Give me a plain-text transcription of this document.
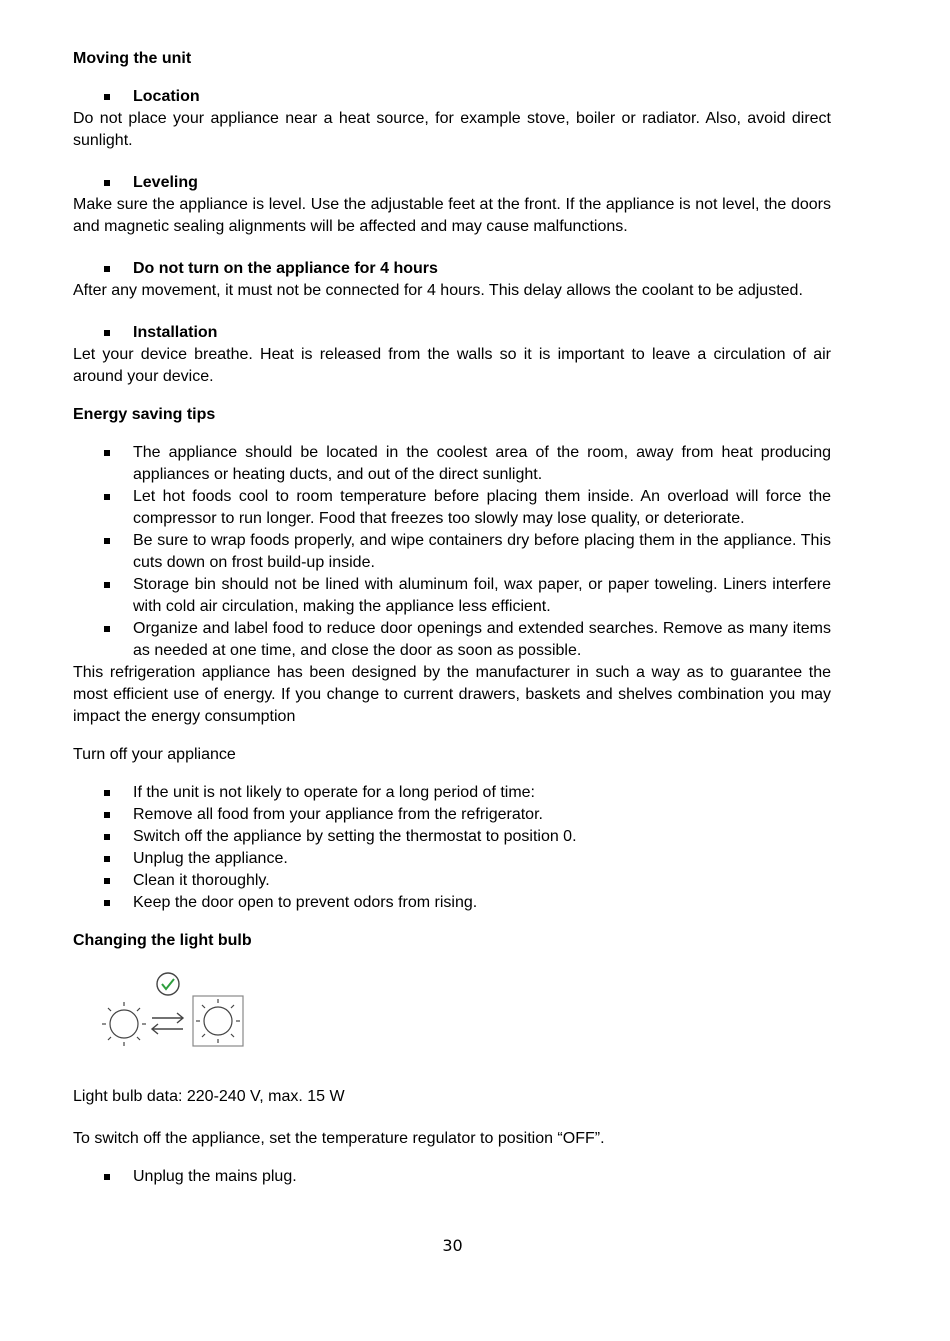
Moving the unit
Location

Do not place your appliance near a heat source, for example stove, boiler or radiator. Also, avoid direct sunlight.

Leveling

Make sure the appliance is level. Use the adjustable feet at the front. If the appliance is not level, the doors and magnetic sealing alignments will be affected and may cause malfunctions.

Do not turn on the appliance for 4 hours

After any movement, it must not be connected for 4 hours. This delay allows the coolant to be adjusted.

Installation

Let your device breathe. Heat is released from the walls so it is important to leave a circulation of air around your device.

Energy saving tips
The appliance should be located in the coolest area of the room, away from heat producing appliances or heating ducts, and out of the direct sunlight.
Let hot foods cool to room temperature before placing them inside. An overload will force the compressor to run longer. Food that freezes too slowly may lose quality, or deteriorate.
Be sure to wrap foods properly, and wipe containers dry before placing them in the appliance. This cuts down on frost build-up inside.
Storage bin should not be lined with aluminum foil, wax paper, or paper toweling. Liners interfere with cold air circulation, making the appliance less efficient.
Organize and label food to reduce door openings and extended searches. Remove as many items as needed at one time, and close the door as soon as possible.

This refrigeration appliance has been designed by the manufacturer in such a way as to guarantee the most efficient use of energy. If you change to current drawers, baskets and shelves combination you may impact the energy consumption

Turn off your appliance

If the unit is not likely to operate for a long period of time:
Remove all food from your appliance from the refrigerator.
Switch off the appliance by setting the thermostat to position 0.
Unplug the appliance.
Clean it thoroughly.
Keep the door open to prevent odors from rising.
Changing the light bulb

Light bulb data: 220-240 V, max. 15 W

To switch off the appliance, set the temperature regulator to position “OFF”.

Unplug the mains plug.
30
